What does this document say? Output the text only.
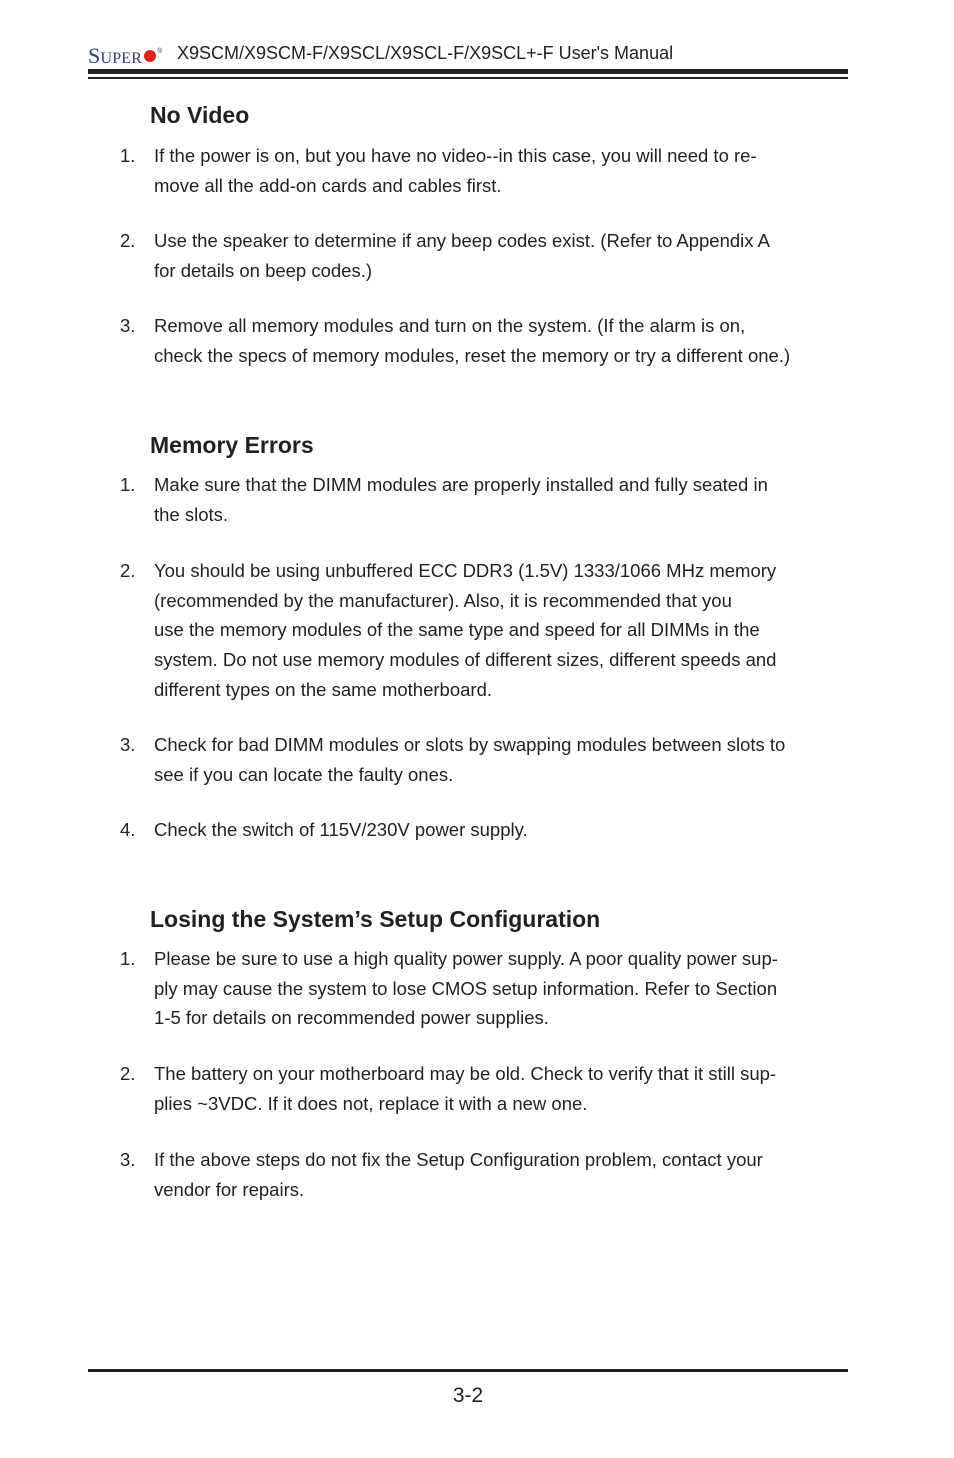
SUPER ® X9SCM/X9SCM-F/X9SCL/X9SCL-F/X9SCL+-F User's Manual
No Video
1. If the power is on, but you have no video--in this case, you will need to re-
move all the add-on cards and cables first.
2. Use the speaker to determine if any beep codes exist. (Refer to Appendix A
for details on beep codes.)
3. Remove all memory modules and turn on the system. (If the alarm is on,
check the specs of memory modules, reset the memory or try a different one.)
Memory Errors
1. Make sure that the DIMM modules are properly installed and fully seated in
the slots.
2. You should be using unbuffered ECC DDR3 (1.5V) 1333/1066 MHz memory
(recommended by the manufacturer). Also, it is recommended that you
use the memory modules of the same type and speed for all DIMMs in the
system. Do not use memory modules of different sizes, different speeds and
different types on the same motherboard.
3. Check for bad DIMM modules or slots by swapping modules between slots to
see if you can locate the faulty ones.
4. Check the switch of 115V/230V power supply.
Losing the System’s Setup Configuration
1. Please be sure to use a high quality power supply. A poor quality power sup-
ply may cause the system to lose CMOS setup information. Refer to Section
1-5 for details on recommended power supplies.
2. The battery on your motherboard may be old. Check to verify that it still sup-
plies ~3VDC. If it does not, replace it with a new one.
3. If the above steps do not fix the Setup Configuration problem, contact your
vendor for repairs.
3-2
